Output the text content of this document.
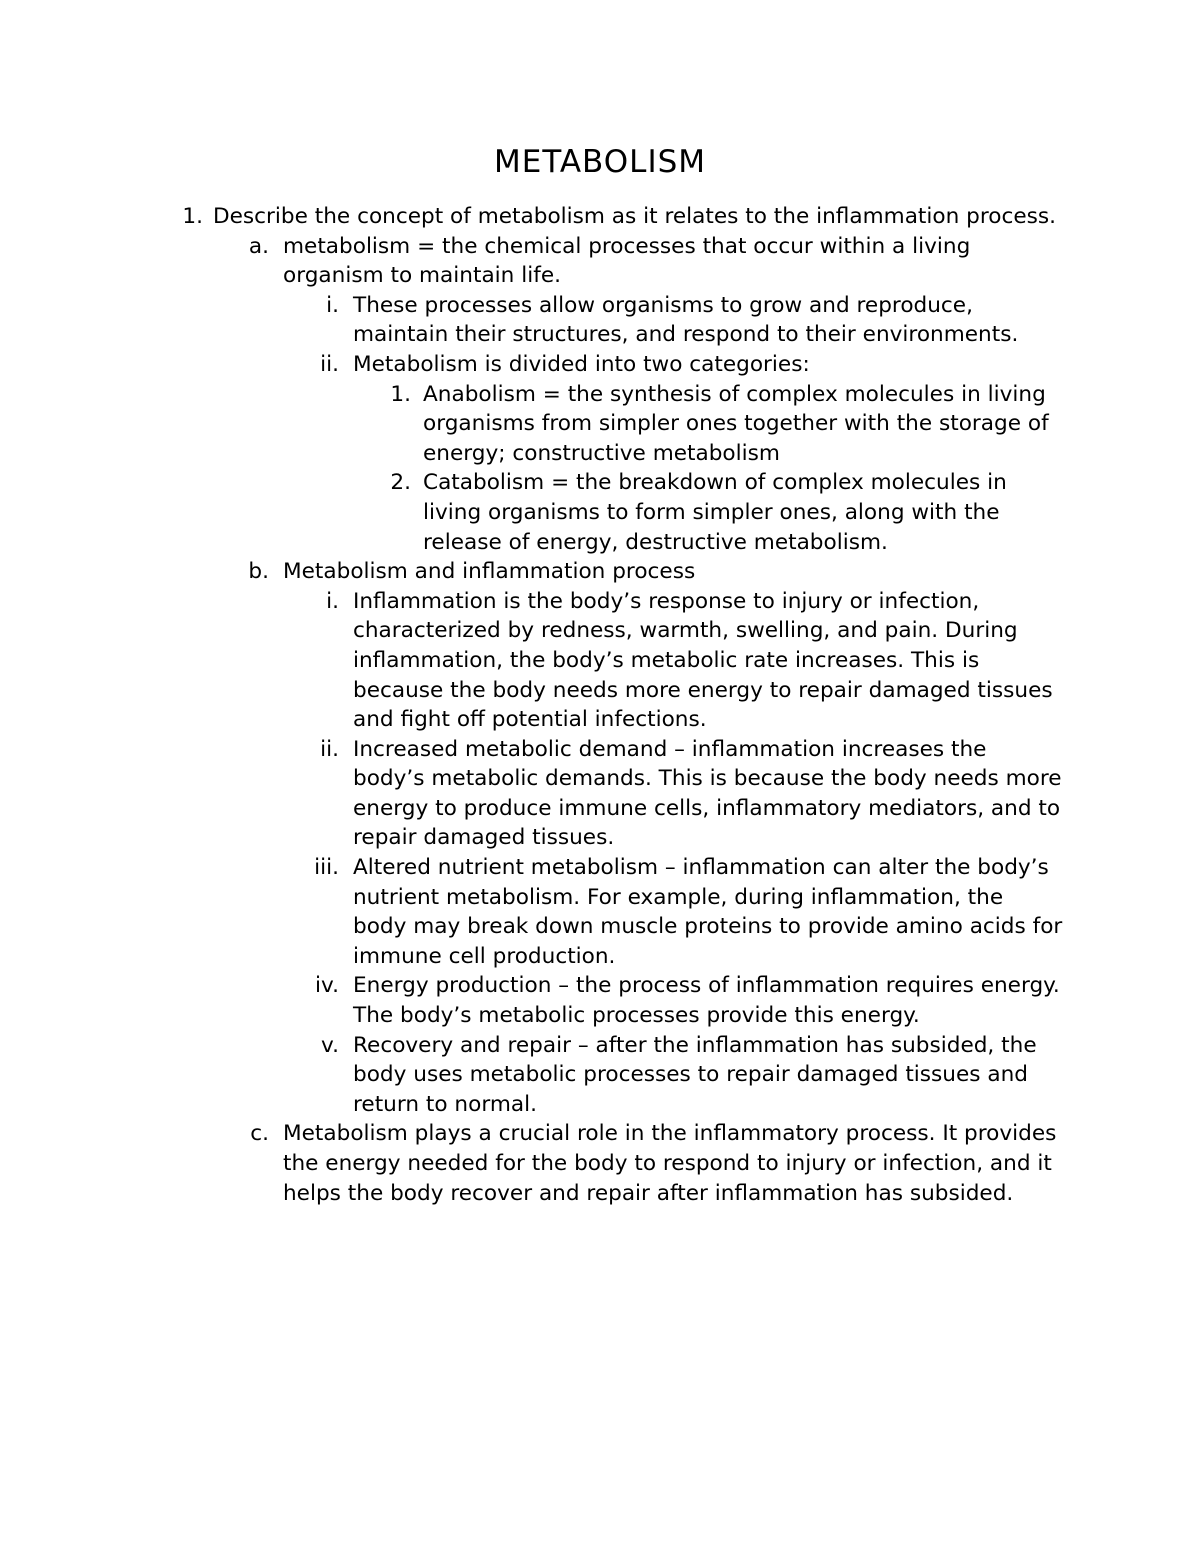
METABOLISM
1. Describe the concept of metabolism as it relates to the inflammation process.
a. metabolism = the chemical processes that occur within a living organism to maintain life.
i. These processes allow organisms to grow and reproduce, maintain their structures, and respond to their environments.
ii. Metabolism is divided into two categories:
1. Anabolism = the synthesis of complex molecules in living organisms from simpler ones together with the storage of energy; constructive metabolism
2. Catabolism = the breakdown of complex molecules in living organisms to form simpler ones, along with the release of energy, destructive metabolism.
b. Metabolism and inflammation process
i. Inflammation is the body’s response to injury or infection, characterized by redness, warmth, swelling, and pain. During inflammation, the body’s metabolic rate increases. This is because the body needs more energy to repair damaged tissues and fight off potential infections.
ii. Increased metabolic demand – inflammation increases the body’s metabolic demands. This is because the body needs more energy to produce immune cells, inflammatory mediators, and to repair damaged tissues.
iii. Altered nutrient metabolism – inflammation can alter the body’s nutrient metabolism. For example, during inflammation, the body may break down muscle proteins to provide amino acids for immune cell production.
iv. Energy production – the process of inflammation requires energy. The body’s metabolic processes provide this energy.
v. Recovery and repair – after the inflammation has subsided, the body uses metabolic processes to repair damaged tissues and return to normal.
c. Metabolism plays a crucial role in the inflammatory process. It provides the energy needed for the body to respond to injury or infection, and it helps the body recover and repair after inflammation has subsided.
